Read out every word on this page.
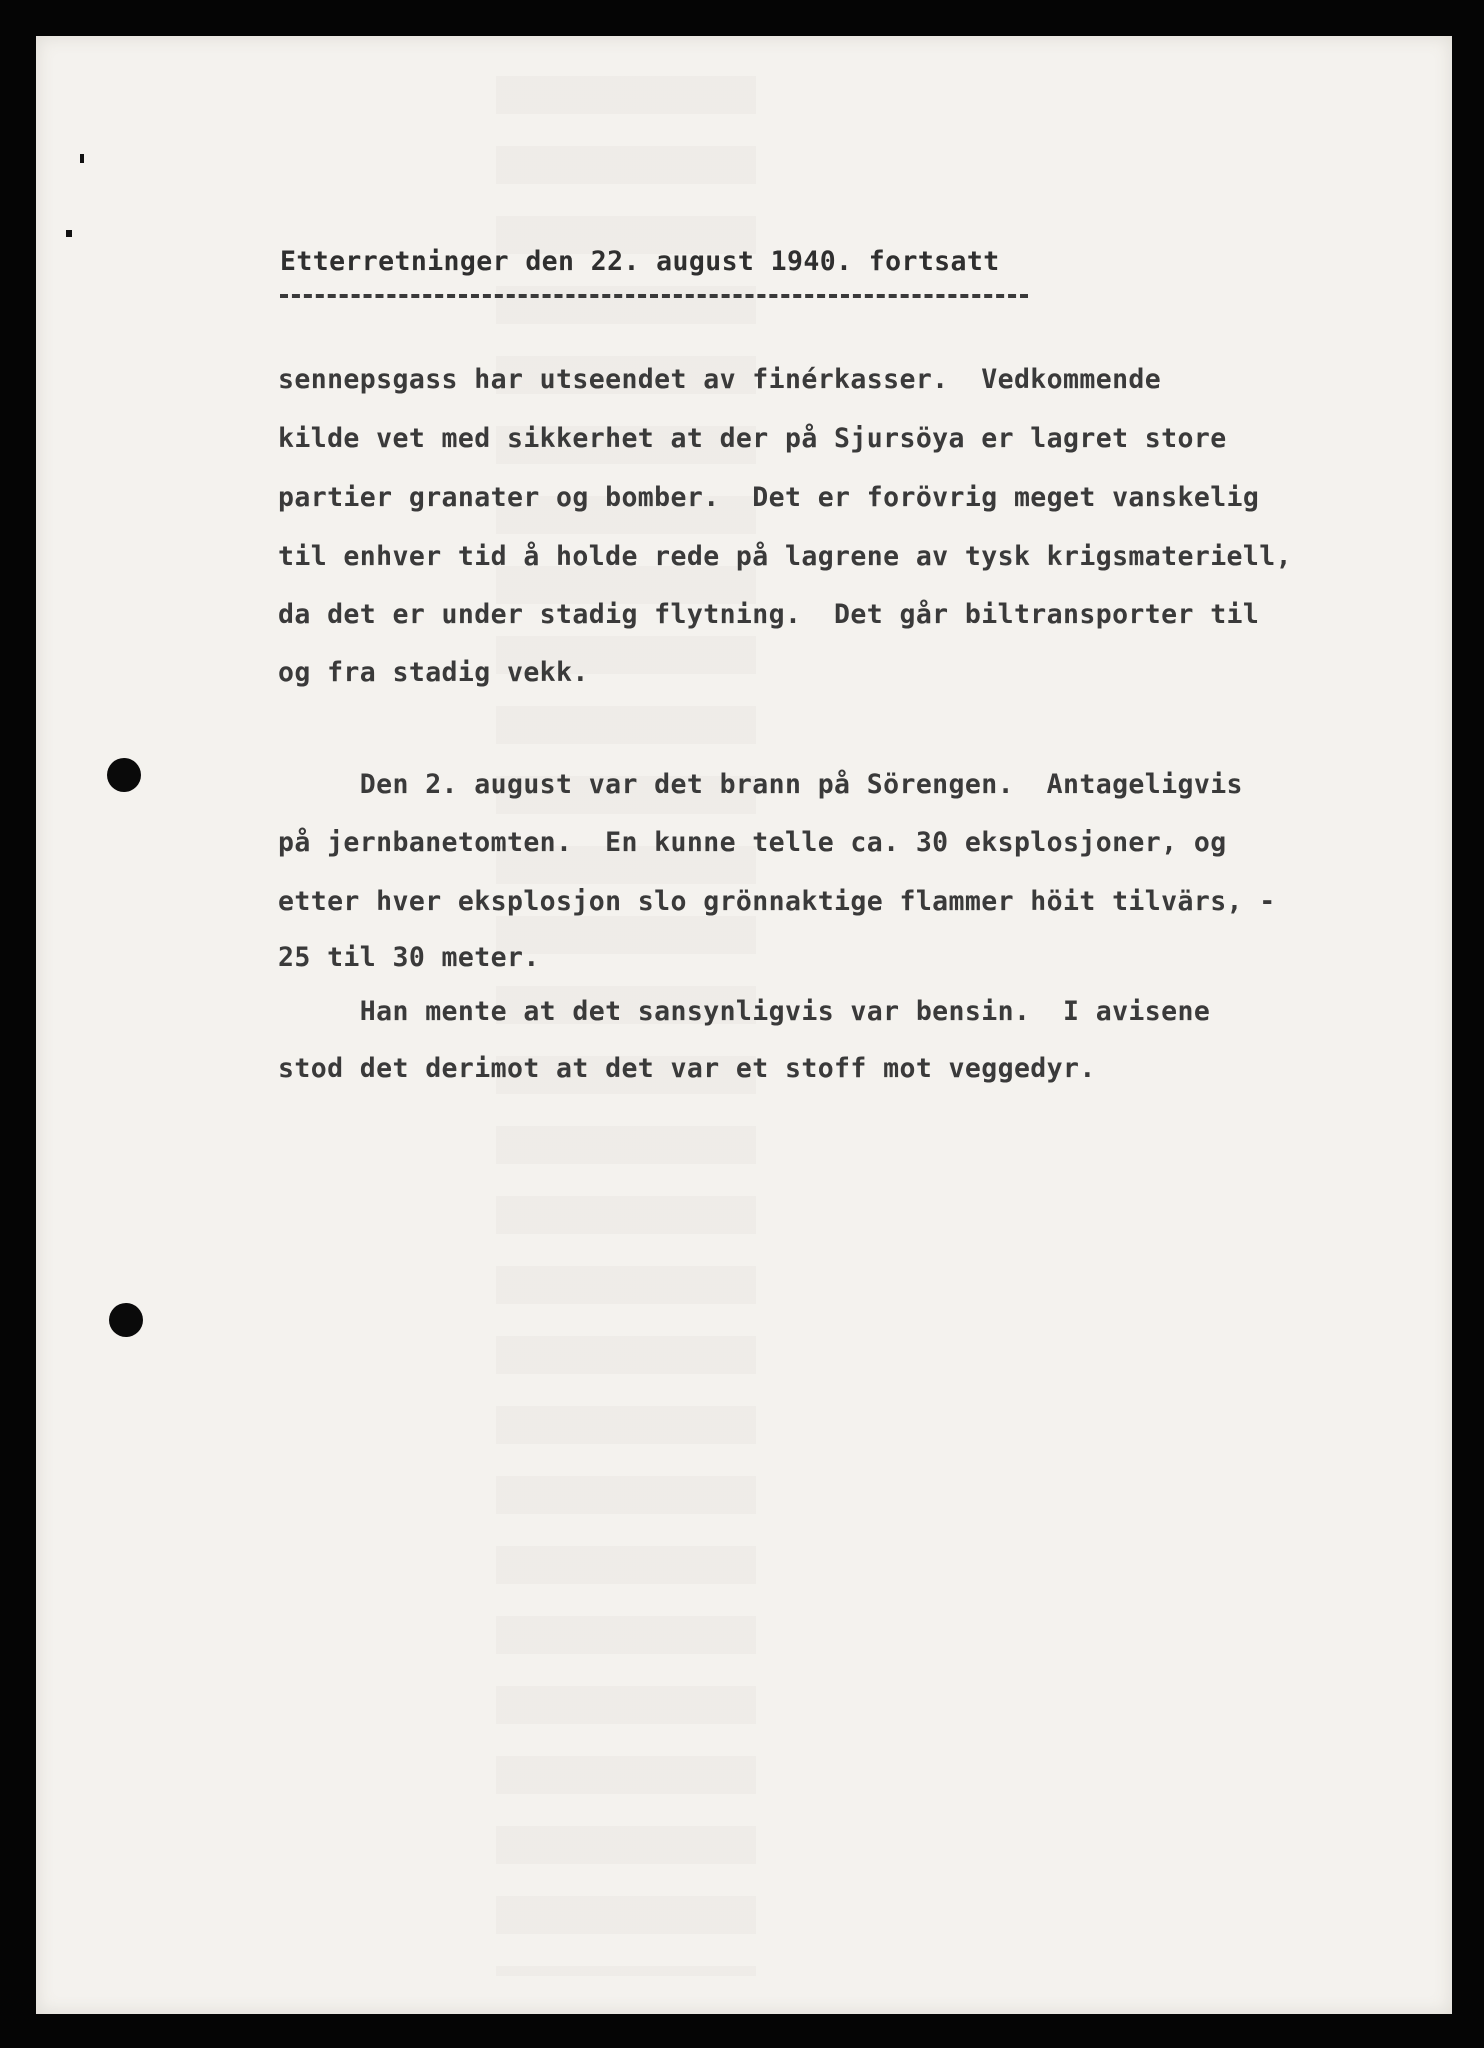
Etterretninger den 22. august 1940. fortsatt
sennepsgass har utseendet av finérkasser.  Vedkommende
kilde vet med sikkerhet at der på Sjursöya er lagret store
partier granater og bomber.  Det er forövrig meget vanskelig
til enhver tid å holde rede på lagrene av tysk krigsmateriell,
da det er under stadig flytning.  Det går biltransporter til
og fra stadig vekk.
Den 2. august var det brann på Sörengen.  Antageligvis
på jernbanetomten.  En kunne telle ca. 30 eksplosjoner, og
etter hver eksplosjon slo grönnaktige flammer höit tilvärs, -
25 til 30 meter.
Han mente at det sansynligvis var bensin.  I avisene
stod det derimot at det var et stoff mot veggedyr.
